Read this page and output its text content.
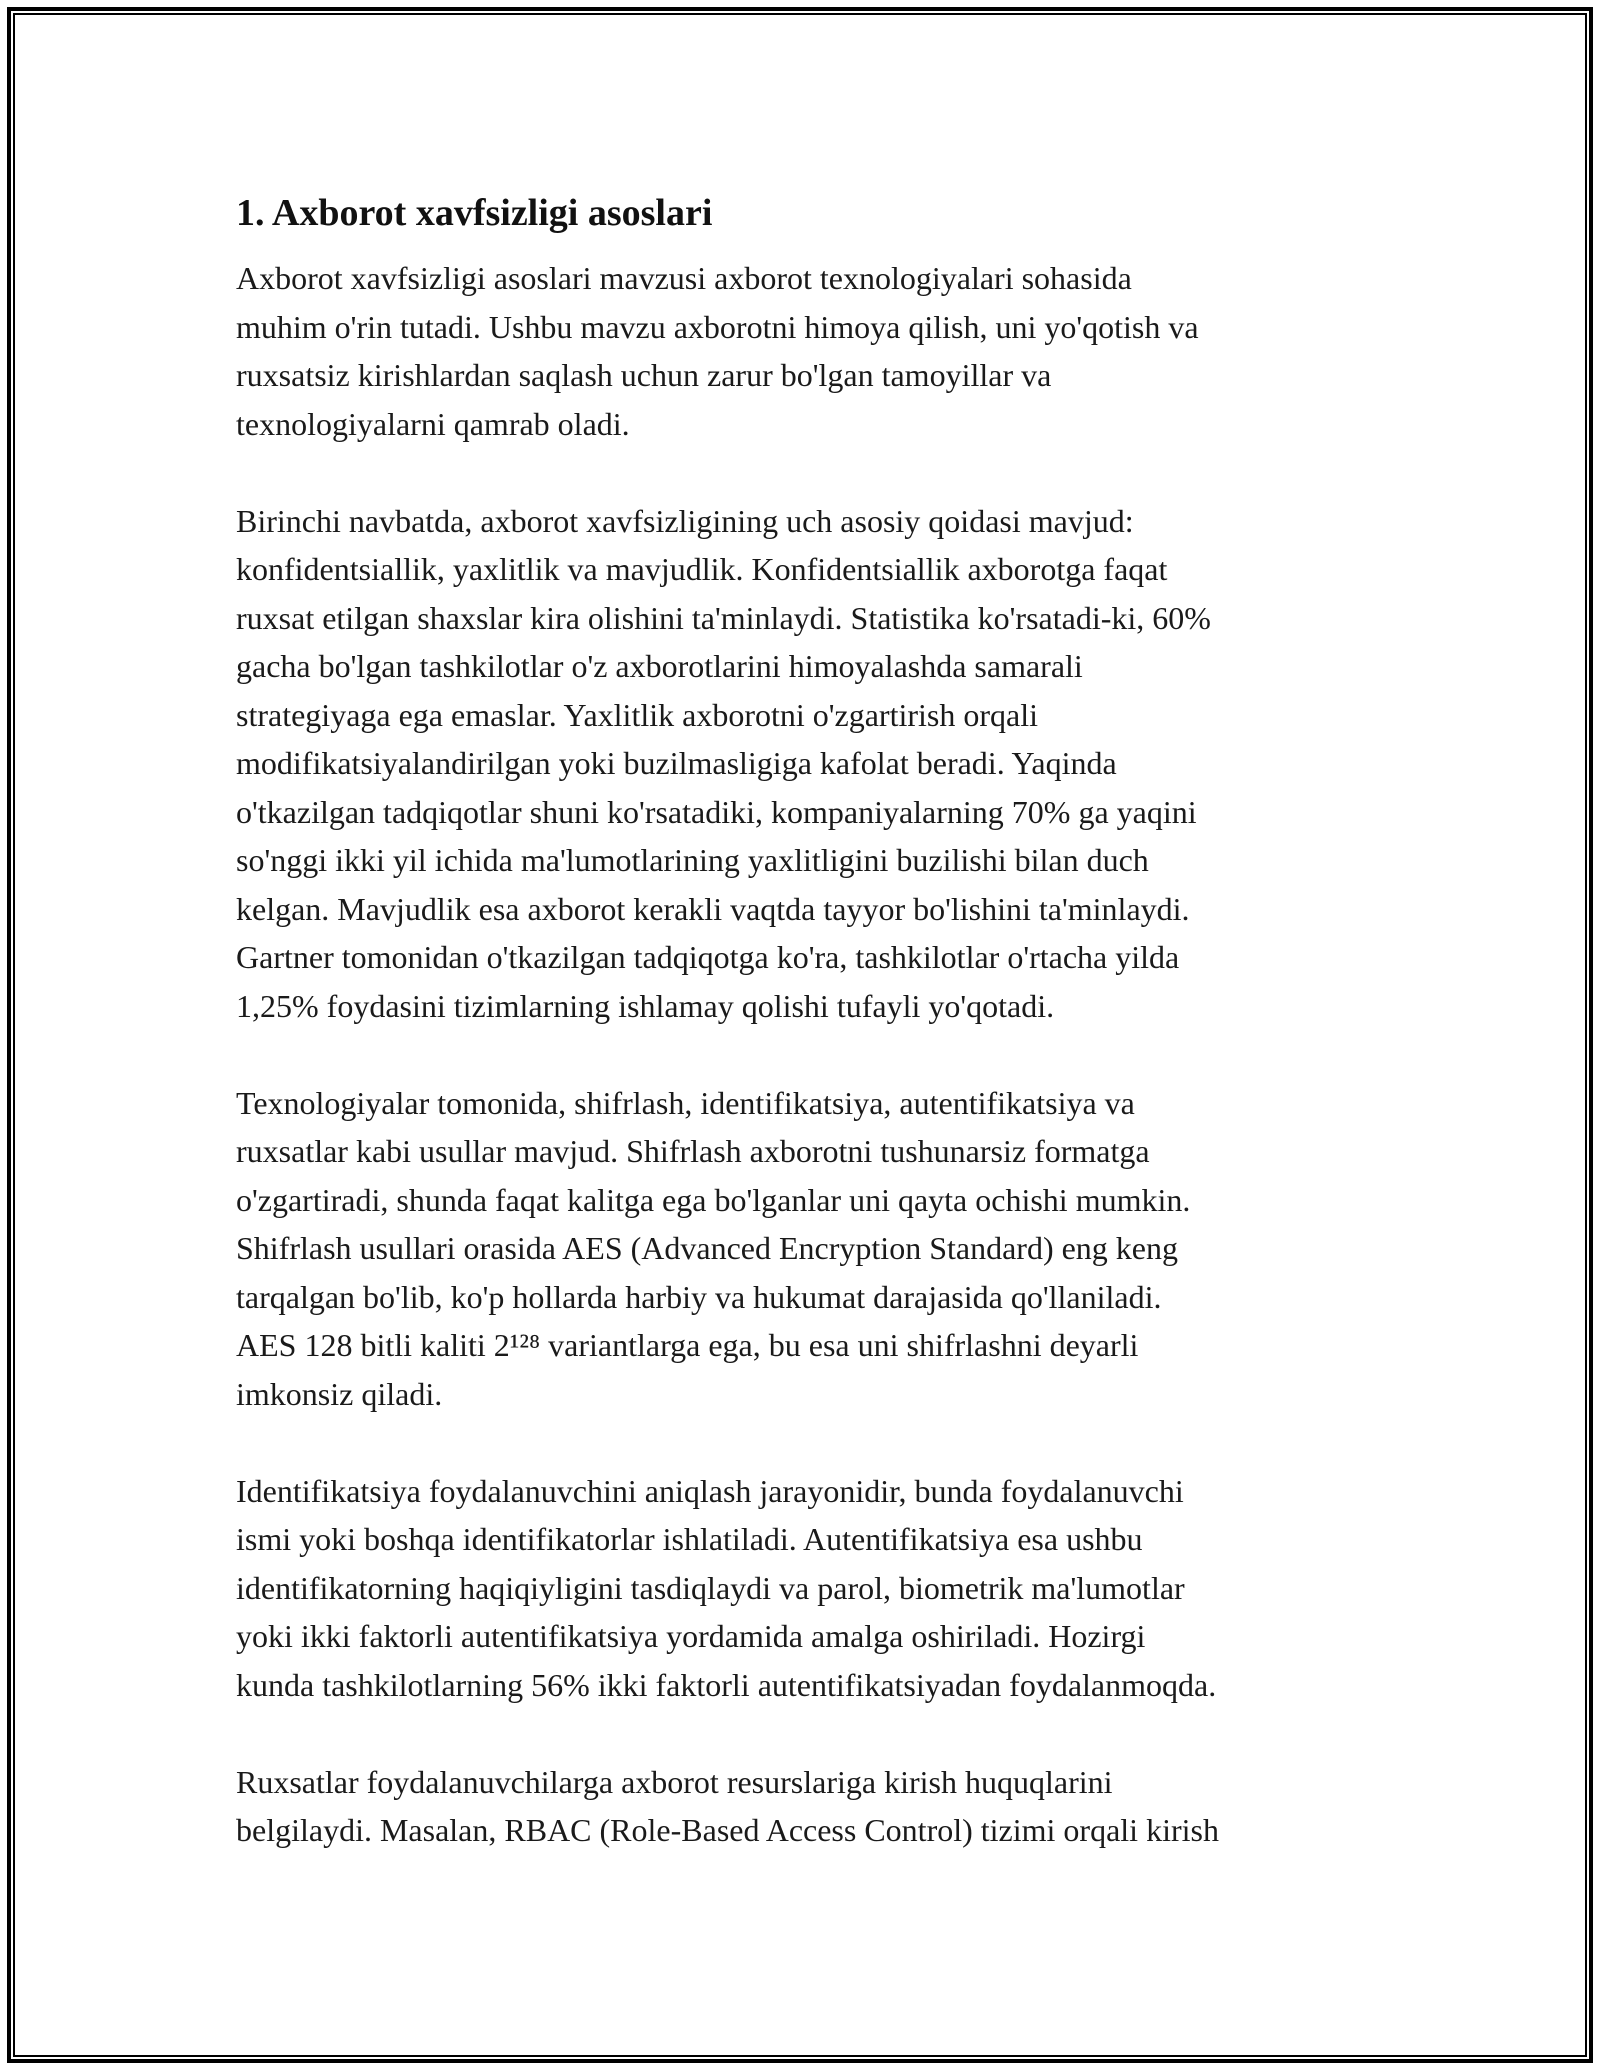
1. Axborot xavfsizligi asoslari

Axborot xavfsizligi asoslari mavzusi axborot texnologiyalari sohasida
muhim o'rin tutadi. Ushbu mavzu axborotni himoya qilish, uni yo'qotish va
ruxsatsiz kirishlardan saqlash uchun zarur bo'lgan tamoyillar va
texnologiyalarni qamrab oladi.

Birinchi navbatda, axborot xavfsizligining uch asosiy qoidasi mavjud:
konfidentsiallik, yaxlitlik va mavjudlik. Konfidentsiallik axborotga faqat
ruxsat etilgan shaxslar kira olishini ta'minlaydi. Statistika ko'rsatadi-ki, 60%
gacha bo'lgan tashkilotlar o'z axborotlarini himoyalashda samarali
strategiyaga ega emaslar. Yaxlitlik axborotni o'zgartirish orqali
modifikatsiyalandirilgan yoki buzilmasligiga kafolat beradi. Yaqinda
o'tkazilgan tadqiqotlar shuni ko'rsatadiki, kompaniyalarning 70% ga yaqini
so'nggi ikki yil ichida ma'lumotlarining yaxlitligini buzilishi bilan duch
kelgan. Mavjudlik esa axborot kerakli vaqtda tayyor bo'lishini ta'minlaydi.
Gartner tomonidan o'tkazilgan tadqiqotga ko'ra, tashkilotlar o'rtacha yilda
1,25% foydasini tizimlarning ishlamay qolishi tufayli yo'qotadi.

Texnologiyalar tomonida, shifrlash, identifikatsiya, autentifikatsiya va
ruxsatlar kabi usullar mavjud. Shifrlash axborotni tushunarsiz formatga
o'zgartiradi, shunda faqat kalitga ega bo'lganlar uni qayta ochishi mumkin.
Shifrlash usullari orasida AES (Advanced Encryption Standard) eng keng
tarqalgan bo'lib, ko'p hollarda harbiy va hukumat darajasida qo'llaniladi.
AES 128 bitli kaliti 2¹²⁸ variantlarga ega, bu esa uni shifrlashni deyarli
imkonsiz qiladi.

Identifikatsiya foydalanuvchini aniqlash jarayonidir, bunda foydalanuvchi
ismi yoki boshqa identifikatorlar ishlatiladi. Autentifikatsiya esa ushbu
identifikatorning haqiqiyligini tasdiqlaydi va parol, biometrik ma'lumotlar
yoki ikki faktorli autentifikatsiya yordamida amalga oshiriladi. Hozirgi
kunda tashkilotlarning 56% ikki faktorli autentifikatsiyadan foydalanmoqda.

Ruxsatlar foydalanuvchilarga axborot resurslariga kirish huquqlarini
belgilaydi. Masalan, RBAC (Role-Based Access Control) tizimi orqali kirish
